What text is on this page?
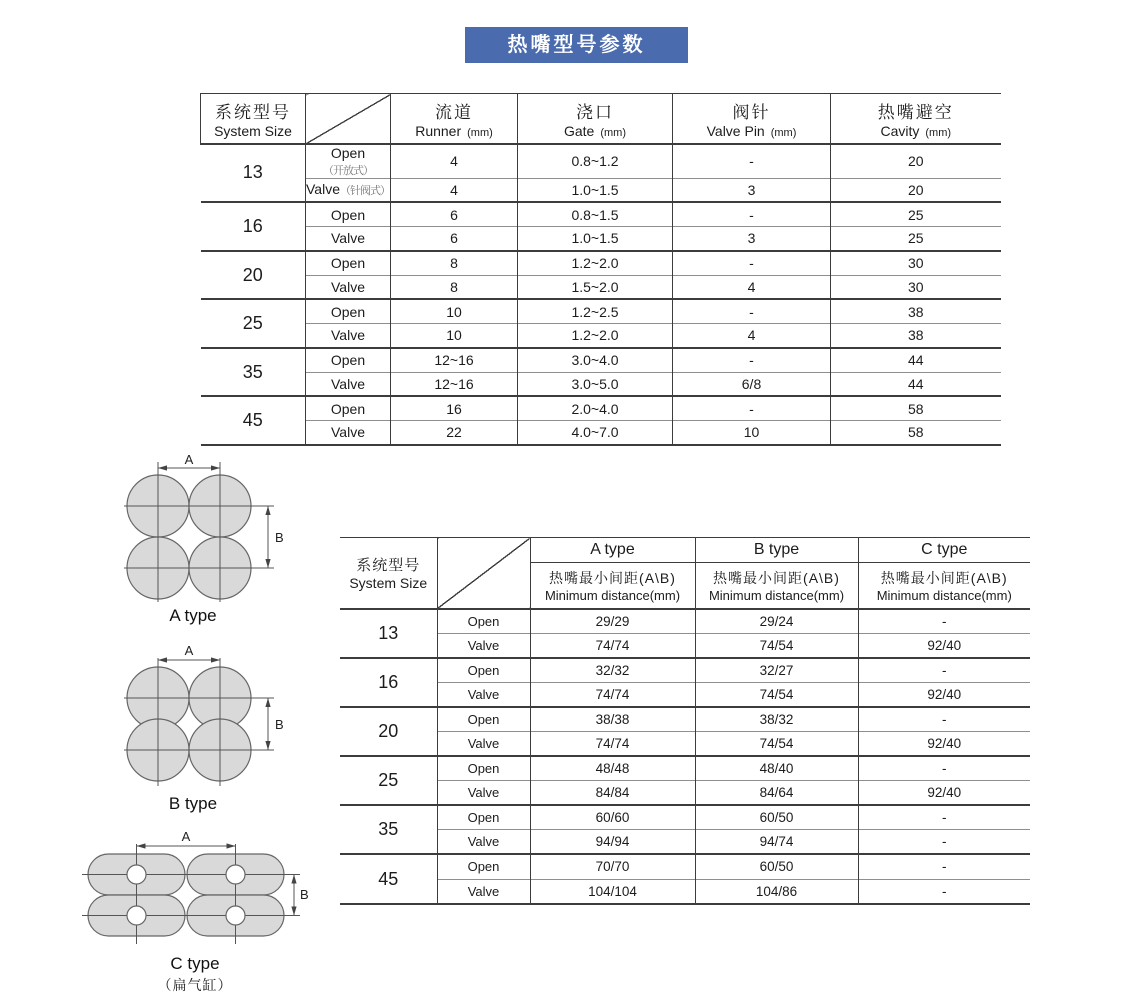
热嘴型号参数
系统型号
System Size

流道
Runner (mm)

浇口
Gate (mm)

阀针
Valve Pin (mm)

热嘴避空
Cavity (mm)

13	Open（开放式）	4	0.8~1.2	-	20
	Valve（针阀式）	4	1.0~1.5	3	20
16	Open	6	0.8~1.5	-	25
	Valve	6	1.0~1.5	3	25
20	Open	8	1.2~2.0	-	30
	Valve	8	1.5~2.0	4	30
25	Open	10	1.2~2.5	-	38
	Valve	10	1.2~2.0	4	38
35	Open	12~16	3.0~4.0	-	44
	Valve	12~16	3.0~5.0	6/8	44
45	Open	16	2.0~4.0	-	58
	Valve	22	4.0~7.0	10	58
A
B
A type
A
B
B type
A
B
C type
（扁气缸）
系统型号
System Size		A type	B type	C type

热嘴最小间距(A\B)
Minimum distance(mm)

热嘴最小间距(A\B)
Minimum distance(mm)

热嘴最小间距(A\B)
Minimum distance(mm)

13	Open	29/29	29/24	-
	Valve	74/74	74/54	92/40
16	Open	32/32	32/27	-
	Valve	74/74	74/54	92/40
20	Open	38/38	38/32	-
	Valve	74/74	74/54	92/40
25	Open	48/48	48/40	-
	Valve	84/84	84/64	92/40
35	Open	60/60	60/50	-
	Valve	94/94	94/74	-
45	Open	70/70	60/50	-
	Valve	104/104	104/86	-
